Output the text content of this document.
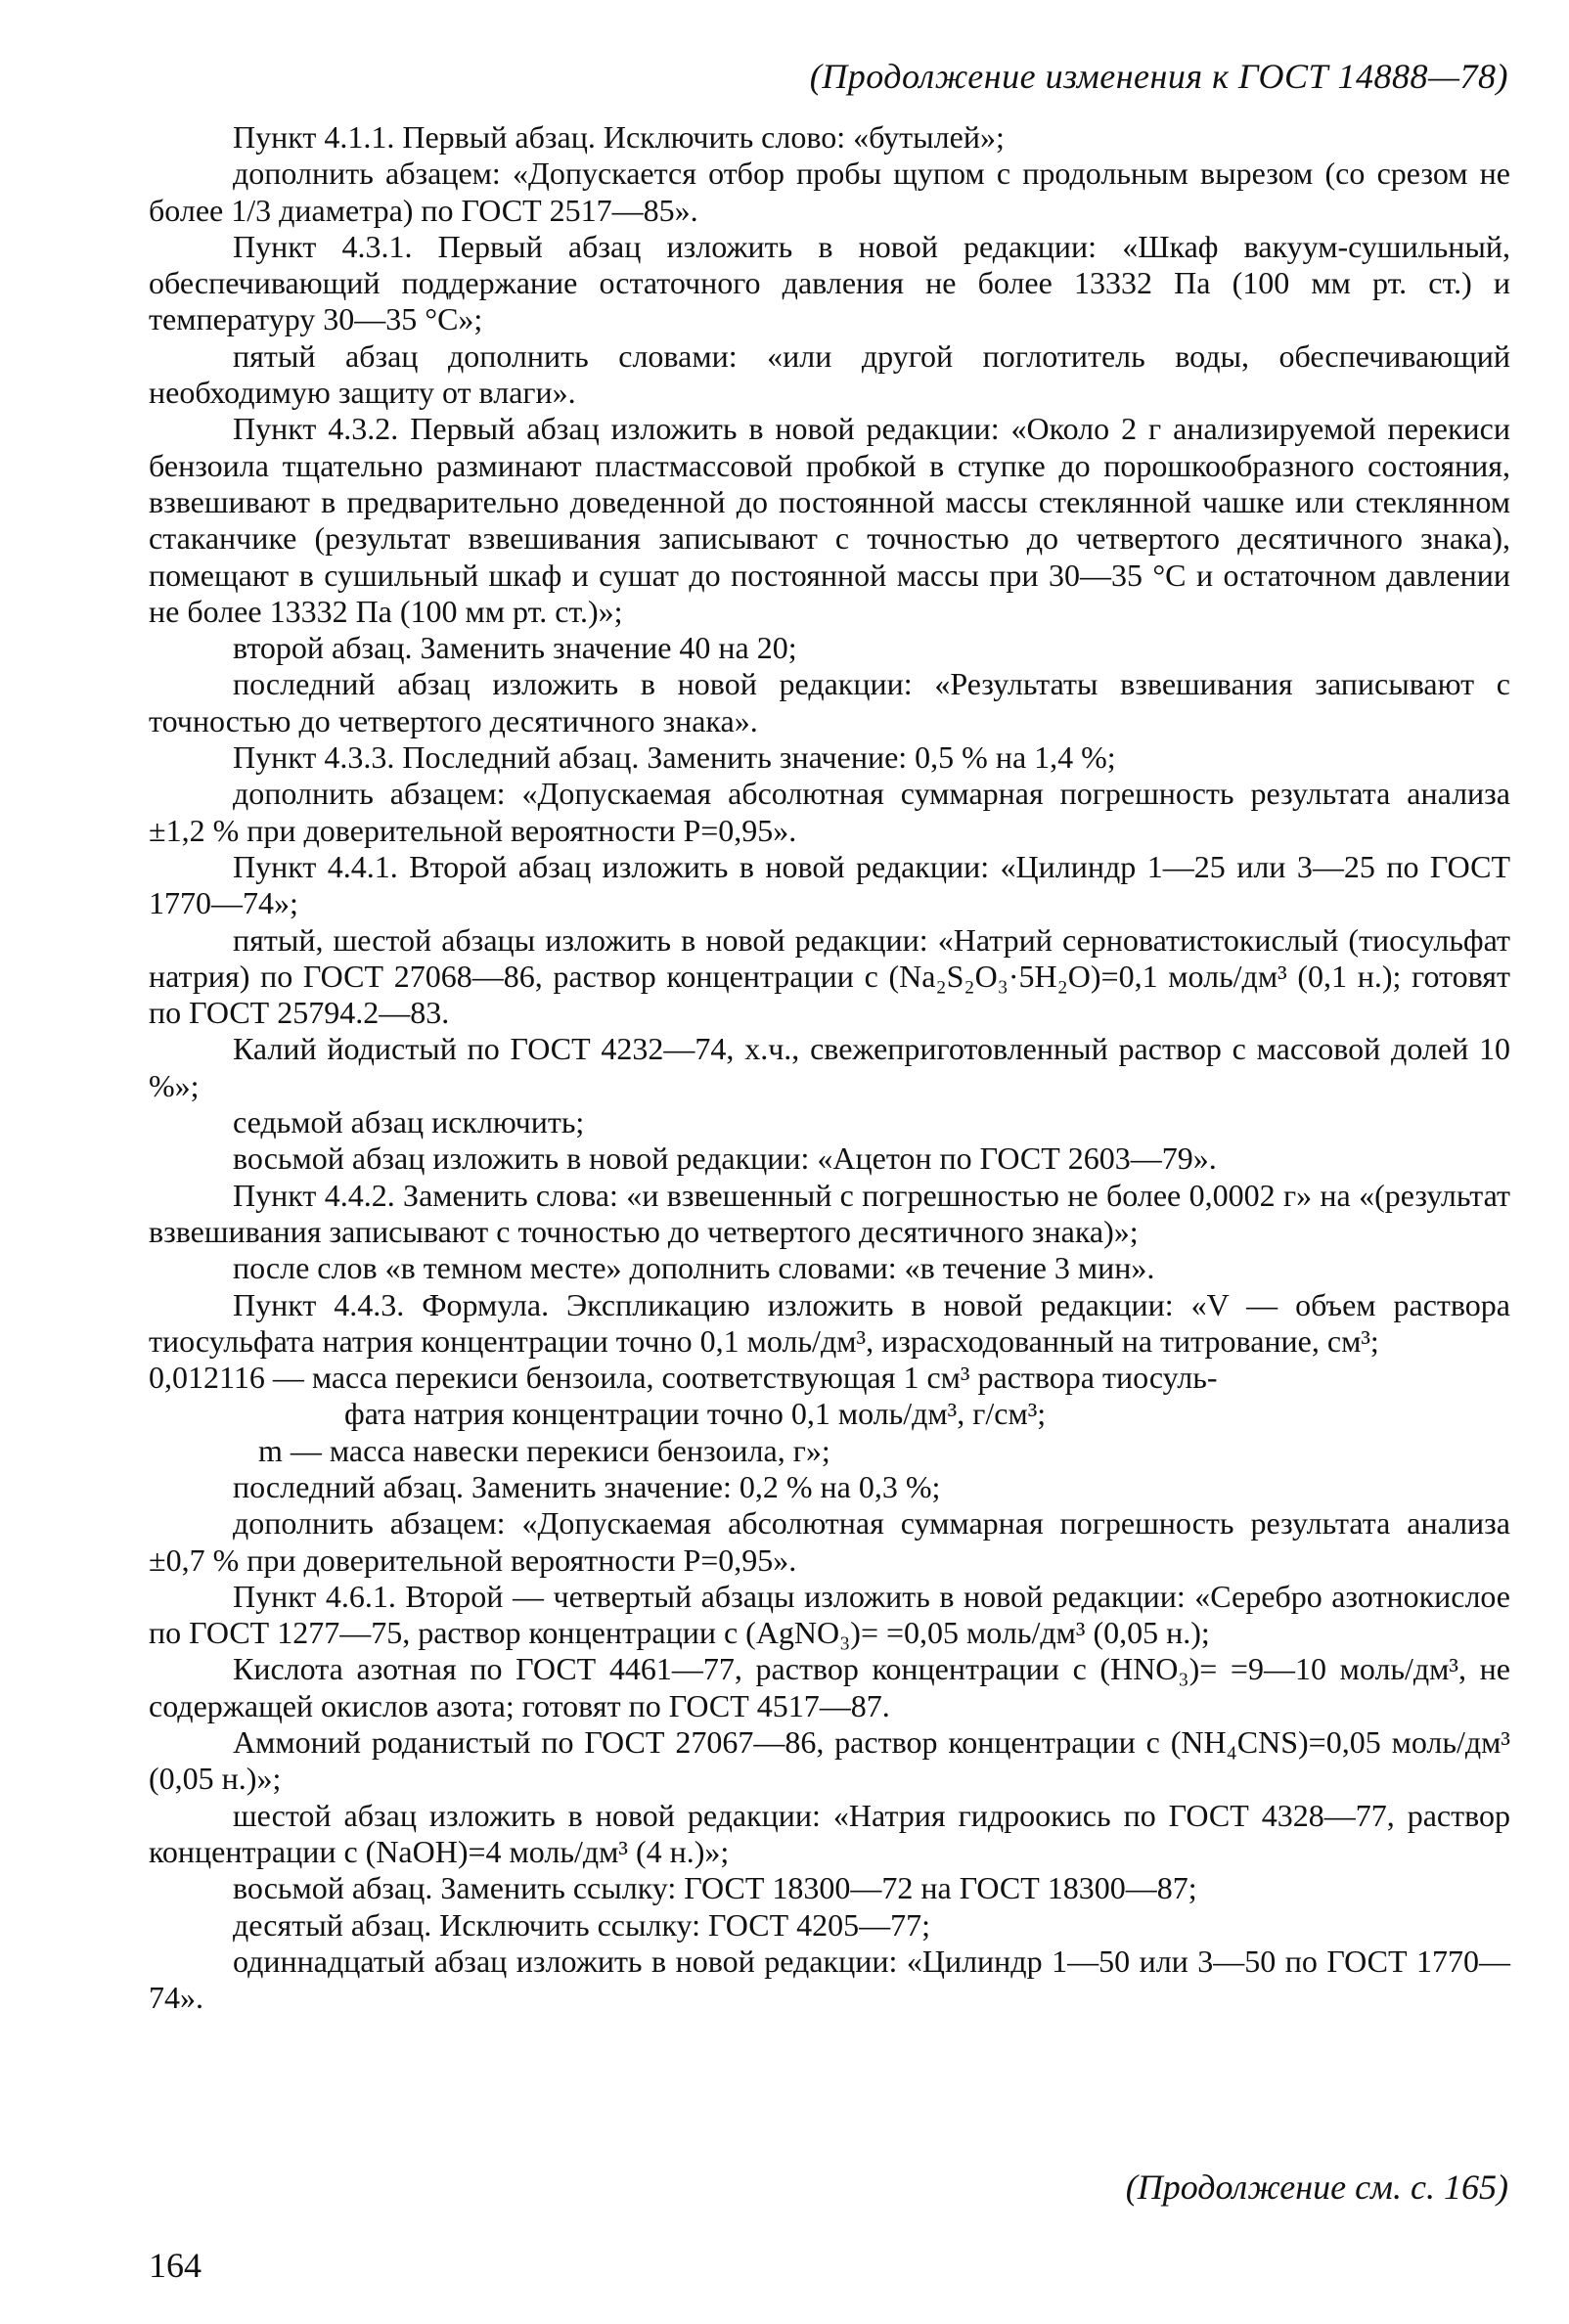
(Продолжение изменения к ГОСТ 14888—78)

Пункт 4.1.1. Первый абзац. Исключить слово: «бутылей»;

дополнить абзацем: «Допускается отбор пробы щупом с продольным вырезом (со срезом не более 1/3 диаметра) по ГОСТ 2517—85».

Пункт 4.3.1. Первый абзац изложить в новой редакции: «Шкаф вакуум-сушильный, обеспечивающий поддержание остаточного давления не более 13332 Па (100 мм рт. ст.) и температуру 30—35 °С»;

пятый абзац дополнить словами: «или другой поглотитель воды, обеспечивающий необходимую защиту от влаги».

Пункт 4.3.2. Первый абзац изложить в новой редакции: «Около 2 г анализируемой перекиси бензоила тщательно разминают пластмассовой пробкой в ступке до порошкообразного состояния, взвешивают в предварительно доведенной до постоянной массы стеклянной чашке или стеклянном стаканчике (результат взвешивания записывают с точностью до четвертого десятичного знака), помещают в сушильный шкаф и сушат до постоянной массы при 30—35 °С и остаточном давлении не более 13332 Па (100 мм рт. ст.)»;

второй абзац. Заменить значение 40 на 20;

последний абзац изложить в новой редакции: «Результаты взвешивания записывают с точностью до четвертого десятичного знака».

Пункт 4.3.3. Последний абзац. Заменить значение: 0,5 % на 1,4 %;

дополнить абзацем: «Допускаемая абсолютная суммарная погрешность результата анализа ±1,2 % при доверительной вероятности P=0,95».

Пункт 4.4.1. Второй абзац изложить в новой редакции: «Цилиндр 1—25 или 3—25 по ГОСТ 1770—74»;

пятый, шестой абзацы изложить в новой редакции: «Натрий серноватистокислый (тиосульфат натрия) по ГОСТ 27068—86, раствор концентрации c (Na₂S₂O₃·5H₂O)=0,1 моль/дм³ (0,1 н.); готовят по ГОСТ 25794.2—83.

Калий йодистый по ГОСТ 4232—74, х.ч., свежеприготовленный раствор с массовой долей 10 %»;

седьмой абзац исключить;

восьмой абзац изложить в новой редакции: «Ацетон по ГОСТ 2603—79».

Пункт 4.4.2. Заменить слова: «и взвешенный с погрешностью не более 0,0002 г» на «(результат взвешивания записывают с точностью до четвертого десятичного знака)»;

после слов «в темном месте» дополнить словами: «в течение 3 мин».

Пункт 4.4.3. Формула. Экспликацию изложить в новой редакции: «V — объем раствора тиосульфата натрия концентрации точно 0,1 моль/дм³, израсходованный на титрование, см³;

0,012116 — масса перекиси бензоила, соответствующая 1 см³ раствора тиосуль-

фата натрия концентрации точно 0,1 моль/дм³, г/см³;

m — масса навески перекиси бензоила, г»;

последний абзац. Заменить значение: 0,2 % на 0,3 %;

дополнить абзацем: «Допускаемая абсолютная суммарная погрешность результата анализа ±0,7 % при доверительной вероятности P=0,95».

Пункт 4.6.1. Второй — четвертый абзацы изложить в новой редакции: «Серебро азотнокислое по ГОСТ 1277—75, раствор концентрации c (AgNO₃)= =0,05 моль/дм³ (0,05 н.);

Кислота азотная по ГОСТ 4461—77, раствор концентрации c (HNO₃)= =9—10 моль/дм³, не содержащей окислов азота; готовят по ГОСТ 4517—87.

Аммоний роданистый по ГОСТ 27067—86, раствор концентрации c (NH₄CNS)=0,05 моль/дм³ (0,05 н.)»;

шестой абзац изложить в новой редакции: «Натрия гидроокись по ГОСТ 4328—77, раствор концентрации c (NaOH)=4 моль/дм³ (4 н.)»;

восьмой абзац. Заменить ссылку: ГОСТ 18300—72 на ГОСТ 18300—87;

десятый абзац. Исключить ссылку: ГОСТ 4205—77;

одиннадцатый абзац изложить в новой редакции: «Цилиндр 1—50 или 3—50 по ГОСТ 1770—74».

(Продолжение см. с. 165)
164
